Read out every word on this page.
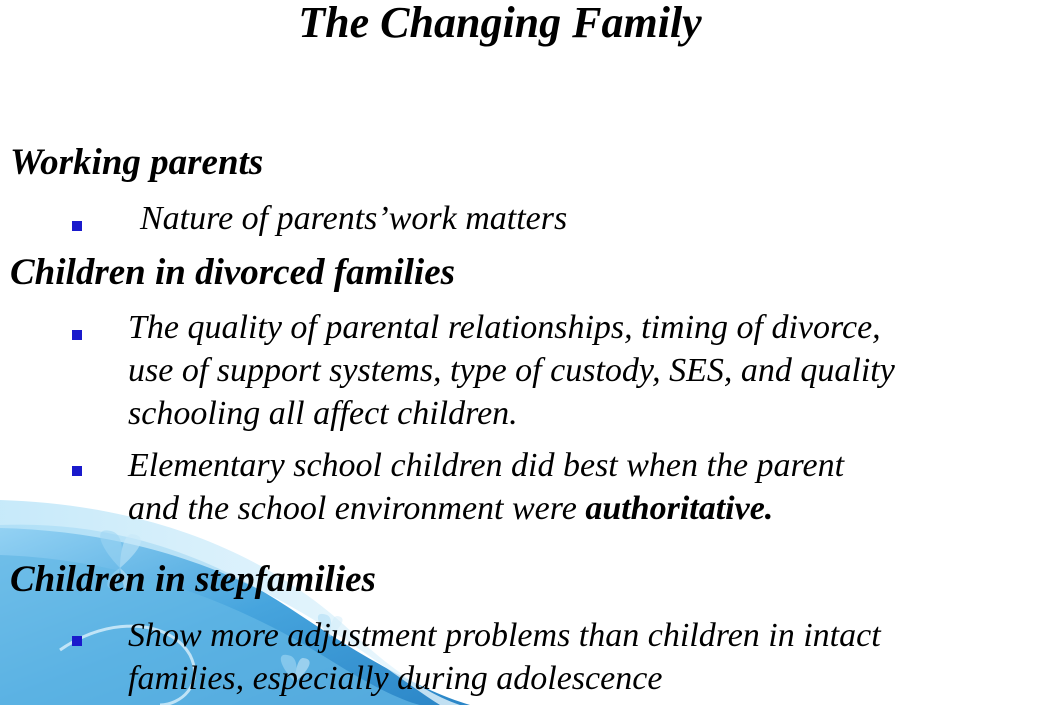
The Changing Family
Working parents
Nature of parents’work matters
Children in divorced families
The quality of parental relationships, timing of divorce,
use of support systems, type of custody, SES, and quality
schooling all affect children.
Elementary school children did best when the parent
and the school environment were authoritative.
Children in stepfamilies
Show more adjustment problems than children in intact
families, especially during adolescence
